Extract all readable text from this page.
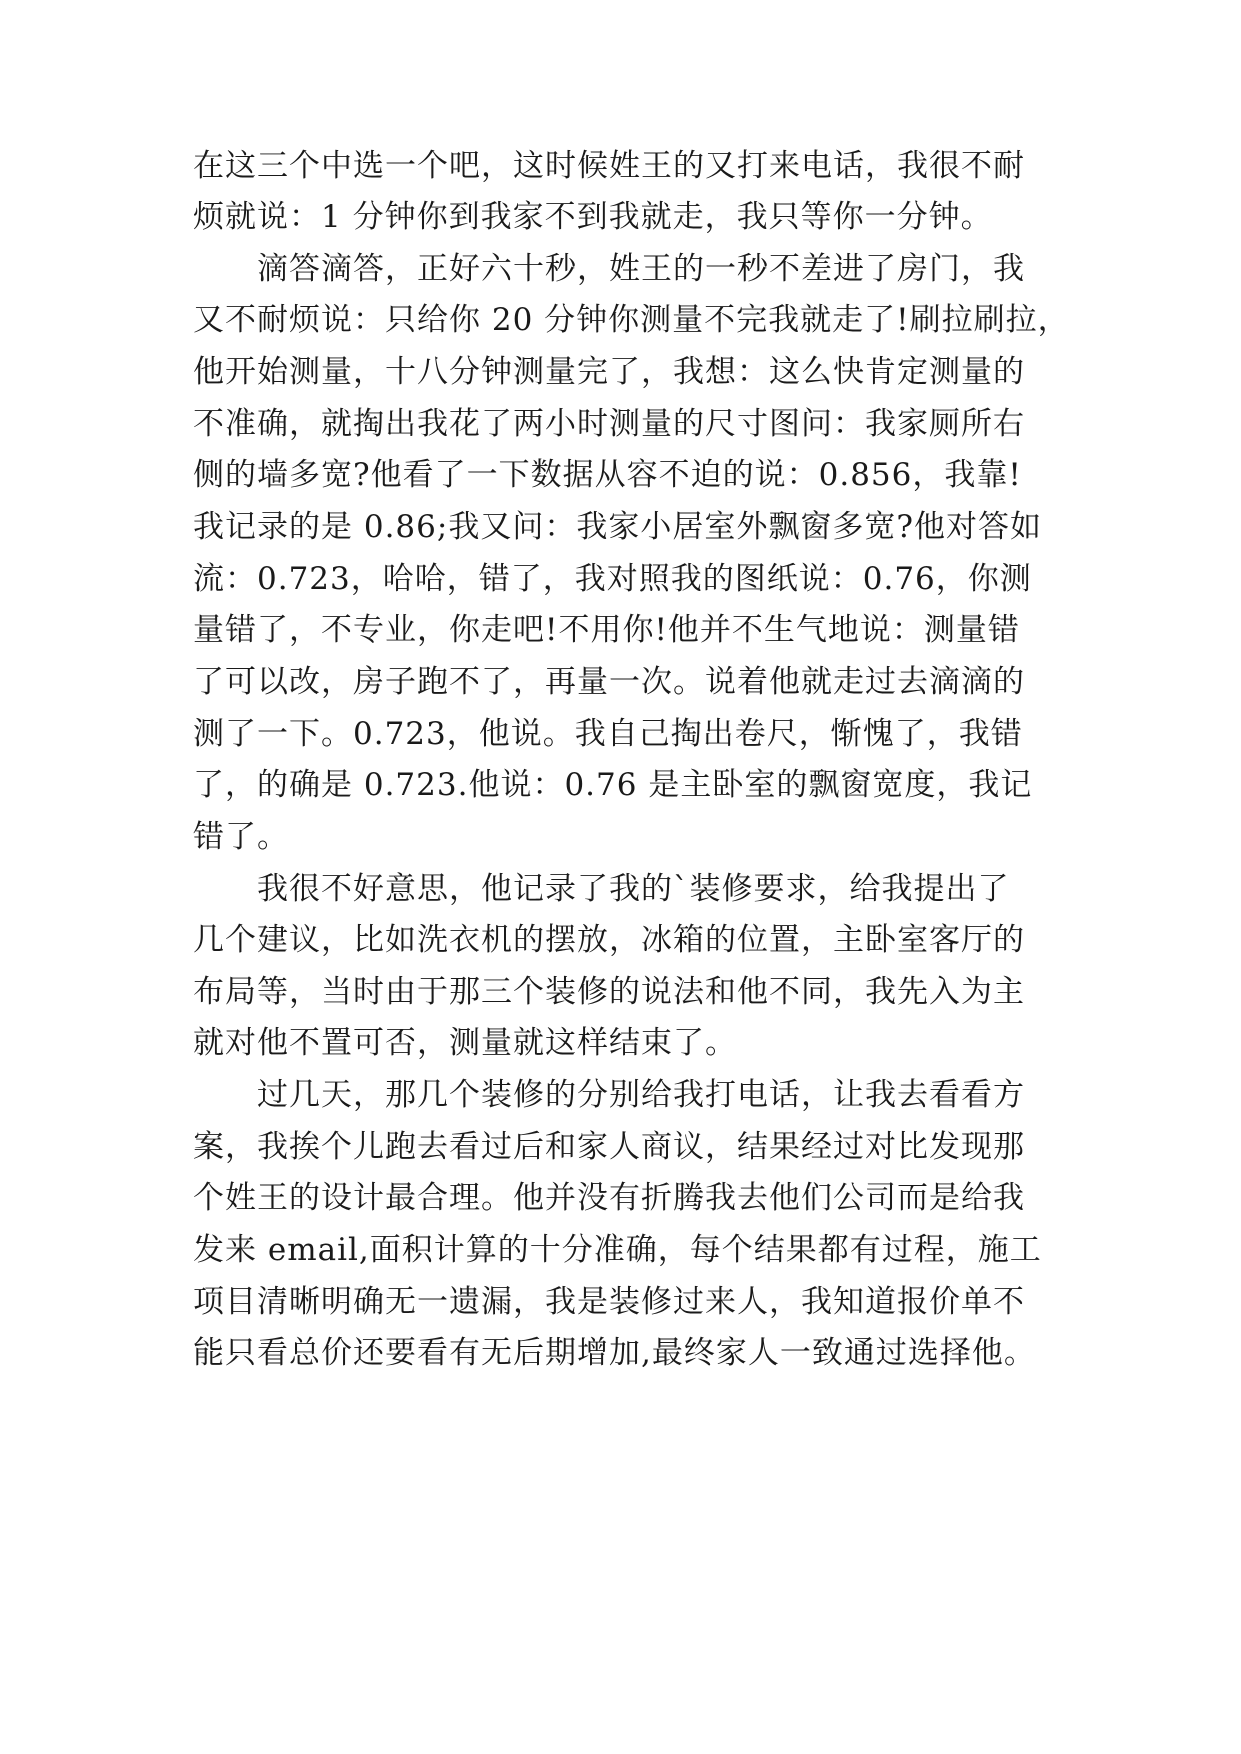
在这三个中选一个吧，这时候姓王的又打来电话，我很不耐
烦就说：1 分钟你到我家不到我就走，我只等你一分钟。
滴答滴答，正好六十秒，姓王的一秒不差进了房门，我
又不耐烦说：只给你 20 分钟你测量不完我就走了!刷拉刷拉，
他开始测量，十八分钟测量完了，我想：这么快肯定测量的
不准确，就掏出我花了两小时测量的尺寸图问：我家厕所右
侧的墙多宽?他看了一下数据从容不迫的说：0.856，我靠!
我记录的是 0.86;我又问：我家小居室外飘窗多宽?他对答如
流：0.723，哈哈，错了，我对照我的图纸说：0.76，你测
量错了，不专业，你走吧!不用你!他并不生气地说：测量错
了可以改，房子跑不了，再量一次。说着他就走过去滴滴的
测了一下。0.723，他说。我自己掏出卷尺，惭愧了，我错
了，的确是 0.723.他说：0.76 是主卧室的飘窗宽度，我记
错了。
我很不好意思，他记录了我的`装修要求，给我提出了
几个建议，比如洗衣机的摆放，冰箱的位置，主卧室客厅的
布局等，当时由于那三个装修的说法和他不同，我先入为主
就对他不置可否，测量就这样结束了。
过几天，那几个装修的分别给我打电话，让我去看看方
案，我挨个儿跑去看过后和家人商议，结果经过对比发现那
个姓王的设计最合理。他并没有折腾我去他们公司而是给我
发来 email,面积计算的十分准确，每个结果都有过程，施工
项目清晰明确无一遗漏，我是装修过来人，我知道报价单不
能只看总价还要看有无后期增加,最终家人一致通过选择他。
